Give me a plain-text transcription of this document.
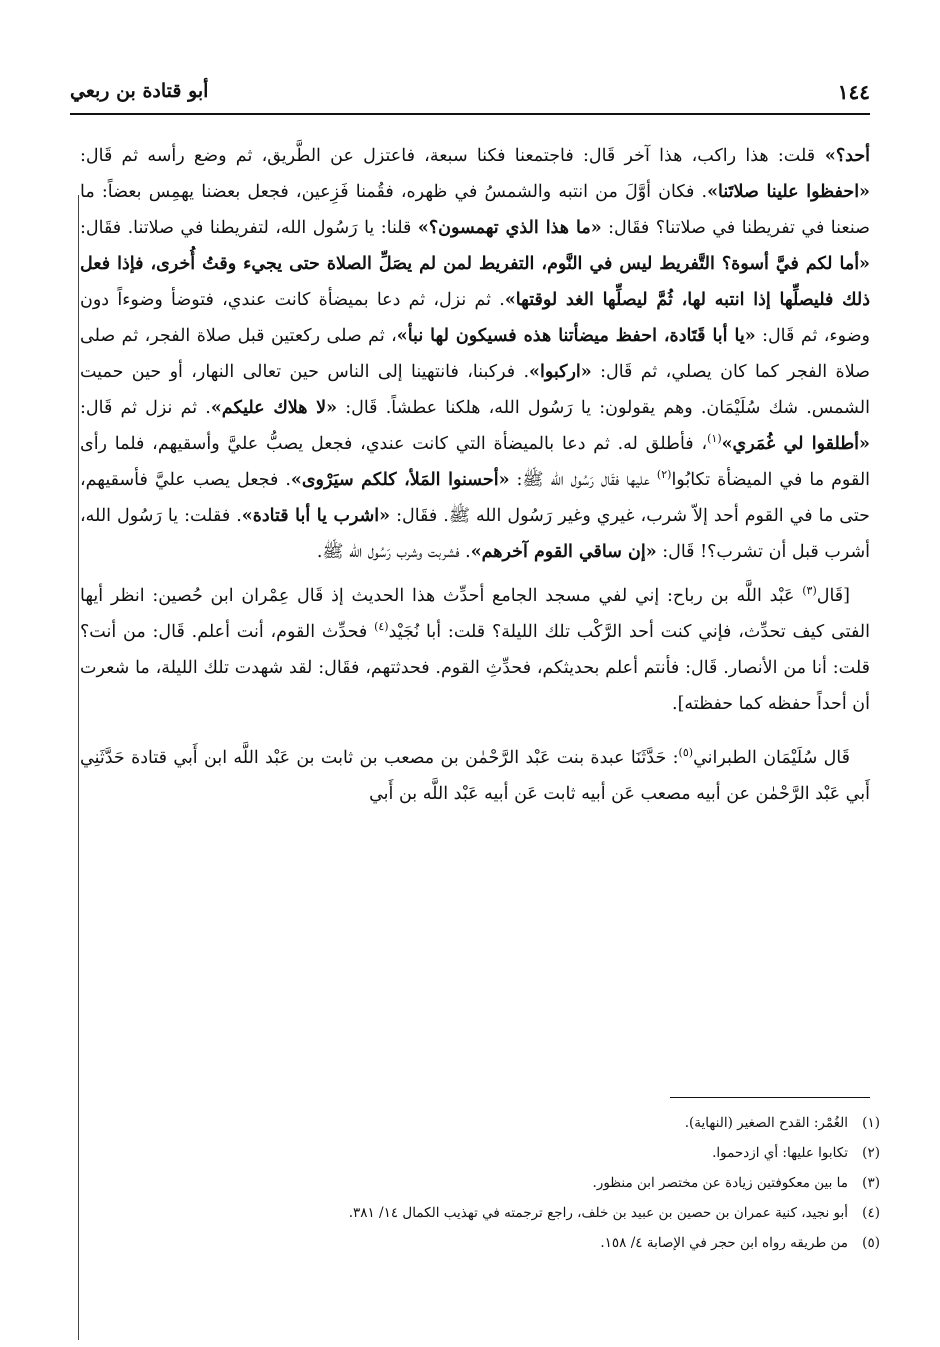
١٤٤
أبو قتادة بن ربعي

أحد؟» قلت: هذا راكب، هذا آخر قَال: فاجتمعنا فكنا سبعة، فاعتزل عن الطَّريق، ثم وضع رأسه ثم قَال: «احفظوا علينا صلاتَنا». فكان أوَّلَ من انتبه والشمسُ في ظهره، فقُمنا فَزِعين، فجعل بعضنا يهمِس بعضاً: ما صنعنا في تفريطنا في صلاتنا؟ فقَال: «ما هذا الذي تهمسون؟» قلنا: يا رَسُول الله، لتفريطنا في صلاتنا. فقَال: «أما لكم فيَّ أسوة؟ التَّفريط ليس في النَّوم، التفريط لمن لم يصَلِّ الصلاة حتى يجيء وقتُ أُخرى، فإذا فعل ذلك فليصلِّها إذا انتبه لها، ثُمَّ ليصلِّها الغد لوقتها». ثم نزل، ثم دعا بميضأة كانت عندي، فتوضأ وضوءاً دون وضوء، ثم قَال: «يا أبا قَتَادة، احفظ ميضأتنا هذه فسيكون لها نبأ»، ثم صلى ركعتين قبل صلاة الفجر، ثم صلى صلاة الفجر كما كان يصلي، ثم قَال: «اركبوا». فركبنا، فانتهينا إلى الناس حين تعالى النهار، أو حين حميت الشمس. شك سُلَيْمَان. وهم يقولون: يا رَسُول الله، هلكنا عطشاً. قَال: «لا هلاك عليكم». ثم نزل ثم قَال: «أطلقوا لي غُمَري»$^{(١)}$، فأطلق له. ثم دعا بالميضأة التي كانت عندي، فجعل يصبُّ عليَّ وأسقيهم، فلما رأى القوم ما في الميضأة تكابُوا$^{(٢)}$ عليها فقَال رَسُول الله ﷺ: «أحسنوا المَلأ، كلكم سيَرْوى». فجعل يصب عليَّ فأسقيهم، حتى ما في القوم أحد إلاّ شرب، غيري وغير رَسُول الله ﷺ. فقَال: «اشرب يا أبا قتادة». فقلت: يا رَسُول الله، أشرب قبل أن تشرب؟! قَال: «إن ساقي القوم آخرهم». فشربت وشرب رَسُول الله ﷺ.

[قَال$^{(٣)}$ عَبْد اللَّه بن رباح: إني لفي مسجد الجامع أحدِّث هذا الحديث إذ قَال عِمْران ابن حُصين: انظر أيها الفتى كيف تحدِّث، فإني كنت أحد الرَّكْب تلك الليلة؟ قلت: أبا نُجَيْد$^{(٤)}$ فحدِّث القوم، أنت أعلم. قَال: من أنت؟ قلت: أنا من الأنصار. قَال: فأنتم أعلم بحديثكم، فحدِّثِ القوم. فحدثتهم، فقَال: لقد شهدت تلك الليلة، ما شعرت أن أحداً حفظه كما حفظته].

قَال سُلَيْمَان الطبراني$^{(٥)}$: حَدَّثَنَا عبدة بنت عَبْد الرَّحْمٰن بن مصعب بن ثابت بن عَبْد اللَّه ابن أَبي قتادة حَدَّثَنِي أَبي عَبْد الرَّحْمٰن عن أبيه مصعب عَن أبيه ثابت عَن أبيه عَبْد اللَّه بن أَبي

(١)الغُمْر: القدح الصغير (النهاية).
(٢)تكابوا عليها: أي ازدحموا.
(٣)ما بين معكوفتين زيادة عن مختصر ابن منظور.
(٤)أبو نجيد، كنية عمران بن حصين بن عبيد بن خلف، راجع ترجمته في تهذيب الكمال ١٤/ ٣٨١.
(٥)من طريقه رواه ابن حجر في الإصابة ٤/ ١٥٨.
